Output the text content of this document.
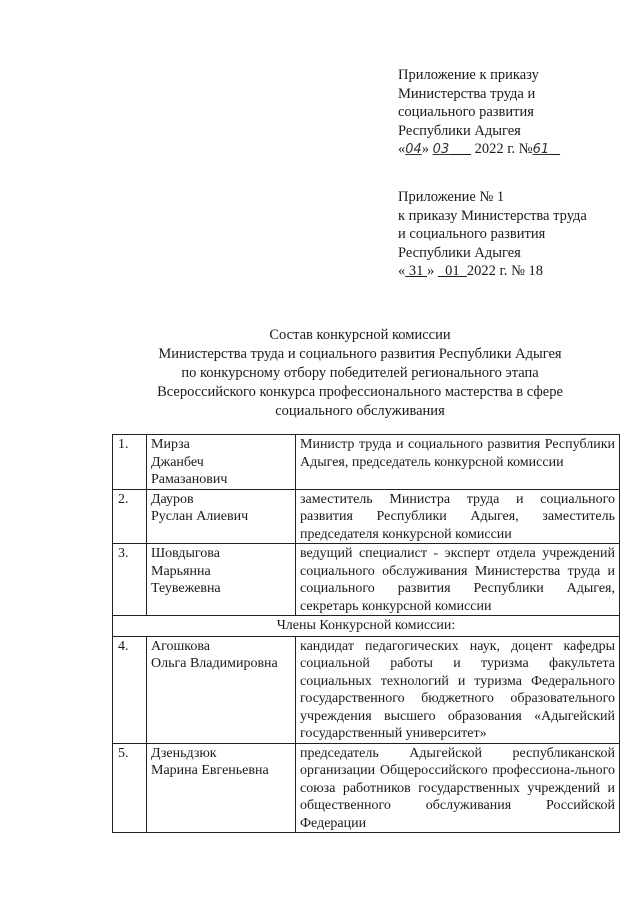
Приложение к приказу
Министерства труда и
социального развития
Республики Адыгея
«04» 03 2022 г. №61
Приложение № 1
к приказу Министерства труда
и социального развития
Республики Адыгея
« 31 » 01 2022 г. № 18
Состав конкурсной комиссии
Министерства труда и социального развития Республики Адыгея
по конкурсному отбору победителей регионального этапа
Всероссийского конкурса профессионального мастерства в сфере
социального обслуживания
1.	Мирза
Джанбеч
Рамазанович	Министр труда и социального развития Республики Адыгея, председатель конкурсной комиссии
2.	Дауров
Руслан Алиевич	заместитель Министра труда и социального развития Республики Адыгея, заместитель председателя конкурсной комиссии
3.	Шовдыгова
Марьянна
Теувежевна	ведущий специалист - эксперт отдела учреждений социального обслуживания Министерства труда и социального развития Республики Адыгея, секретарь конкурсной комиссии
Члены Конкурсной комиссии:		
4.	Агошкова
Ольга Владимировна	кандидат педагогических наук, доцент кафедры социальной работы и туризма факультета социальных технологий и туризма Федерального государственного бюджетного образовательного учреждения высшего образования «Адыгейский государственный университет»
5.	Дзеньдзюк
Марина Евгеньевна	председатель Адыгейской республиканской организации Общероссийского профессиона-льного союза работников государственных учреждений и общественного обслуживания Российской Федерации
